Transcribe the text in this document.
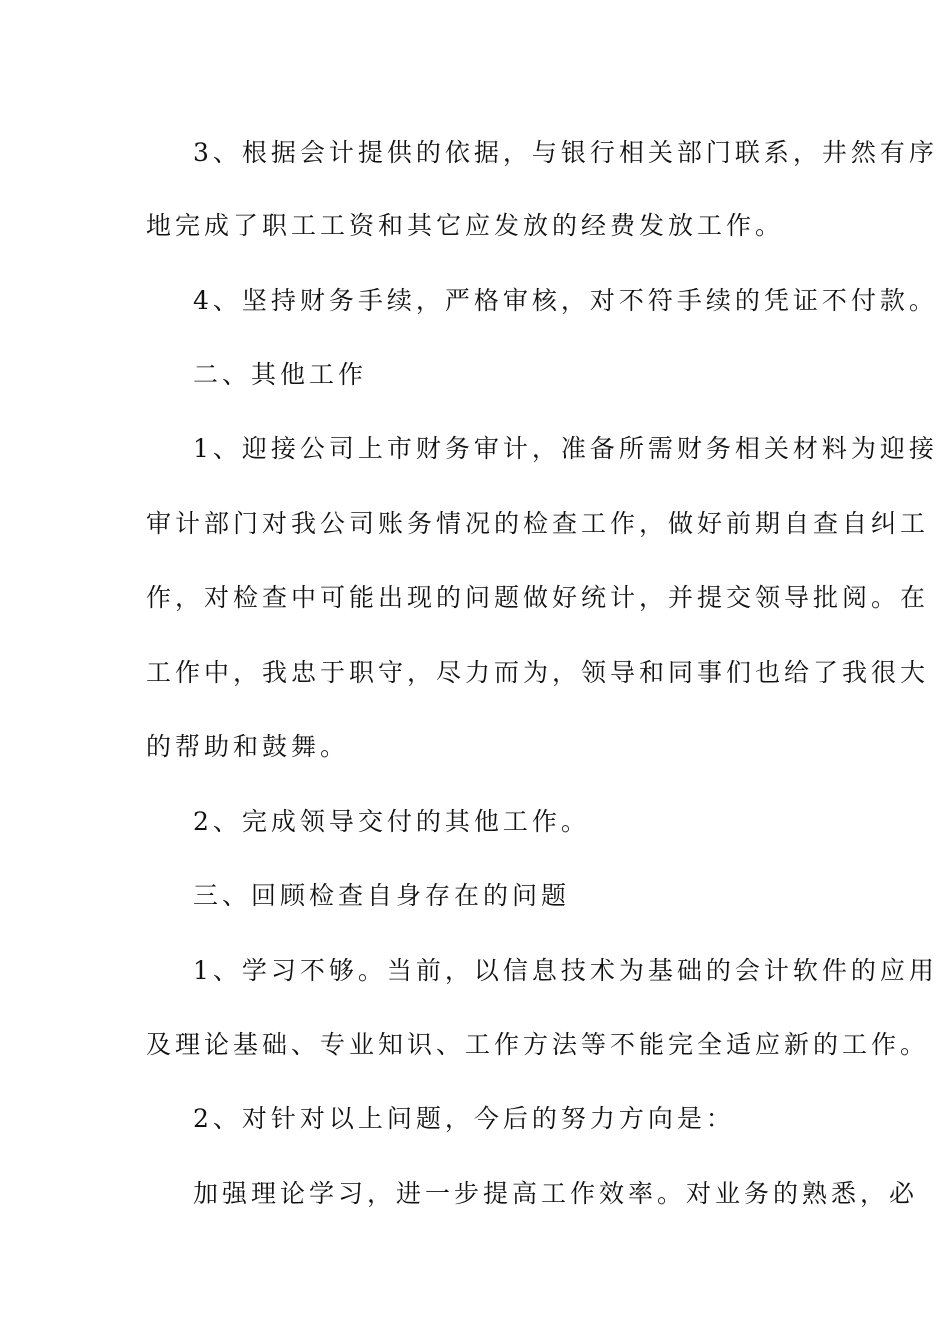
3、根据会计提供的依据，与银行相关部门联系，井然有序
地完成了职工工资和其它应发放的经费发放工作。
4、坚持财务手续，严格审核，对不符手续的凭证不付款。
二、其他工作
1、迎接公司上市财务审计，准备所需财务相关材料为迎接
审计部门对我公司账务情况的检查工作，做好前期自查自纠工
作，对检查中可能出现的问题做好统计，并提交领导批阅。在
工作中，我忠于职守，尽力而为，领导和同事们也给了我很大
的帮助和鼓舞。
2、完成领导交付的其他工作。
三、回顾检查自身存在的问题
1、学习不够。当前，以信息技术为基础的会计软件的应用
及理论基础、专业知识、工作方法等不能完全适应新的工作。
2、对针对以上问题，今后的努力方向是：
加强理论学习，进一步提高工作效率。对业务的熟悉，必
